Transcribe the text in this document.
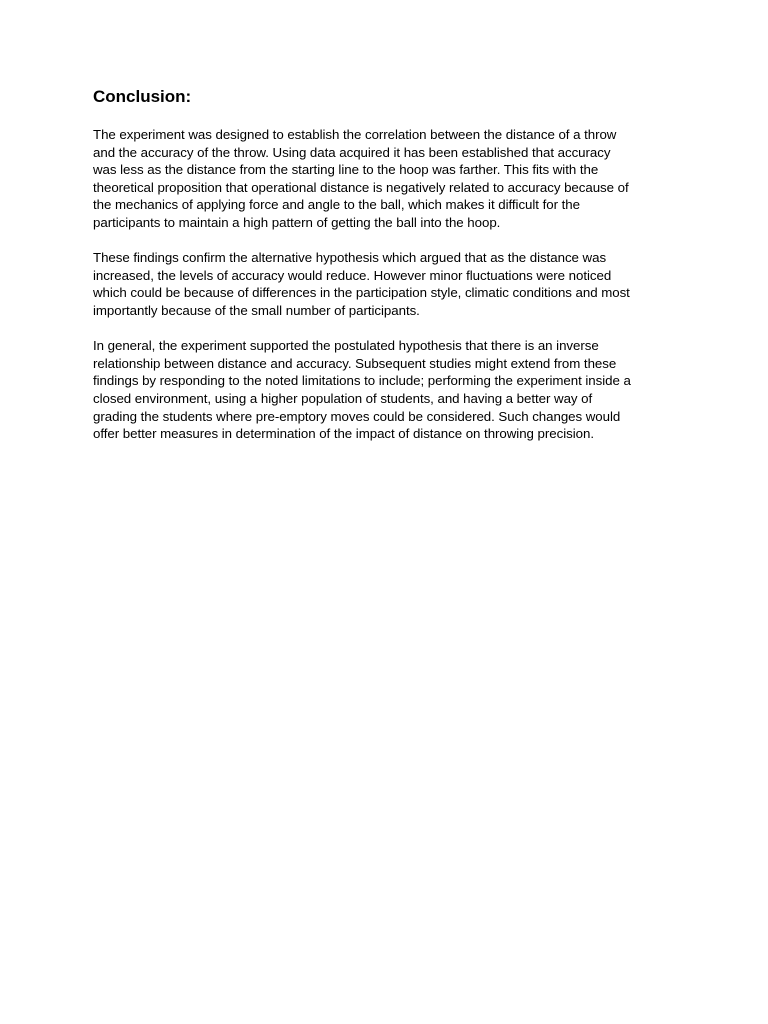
Conclusion:

The experiment was designed to establish the correlation between the distance of a throw
and the accuracy of the throw. Using data acquired it has been established that accuracy
was less as the distance from the starting line to the hoop was farther. This fits with the
theoretical proposition that operational distance is negatively related to accuracy because of
the mechanics of applying force and angle to the ball, which makes it difficult for the
participants to maintain a high pattern of getting the ball into the hoop.

These findings confirm the alternative hypothesis which argued that as the distance was
increased, the levels of accuracy would reduce. However minor fluctuations were noticed
which could be because of differences in the participation style, climatic conditions and most
importantly because of the small number of participants.

In general, the experiment supported the postulated hypothesis that there is an inverse
relationship between distance and accuracy. Subsequent studies might extend from these
findings by responding to the noted limitations to include; performing the experiment inside a
closed environment, using a higher population of students, and having a better way of
grading the students where pre-emptory moves could be considered. Such changes would
offer better measures in determination of the impact of distance on throwing precision.
